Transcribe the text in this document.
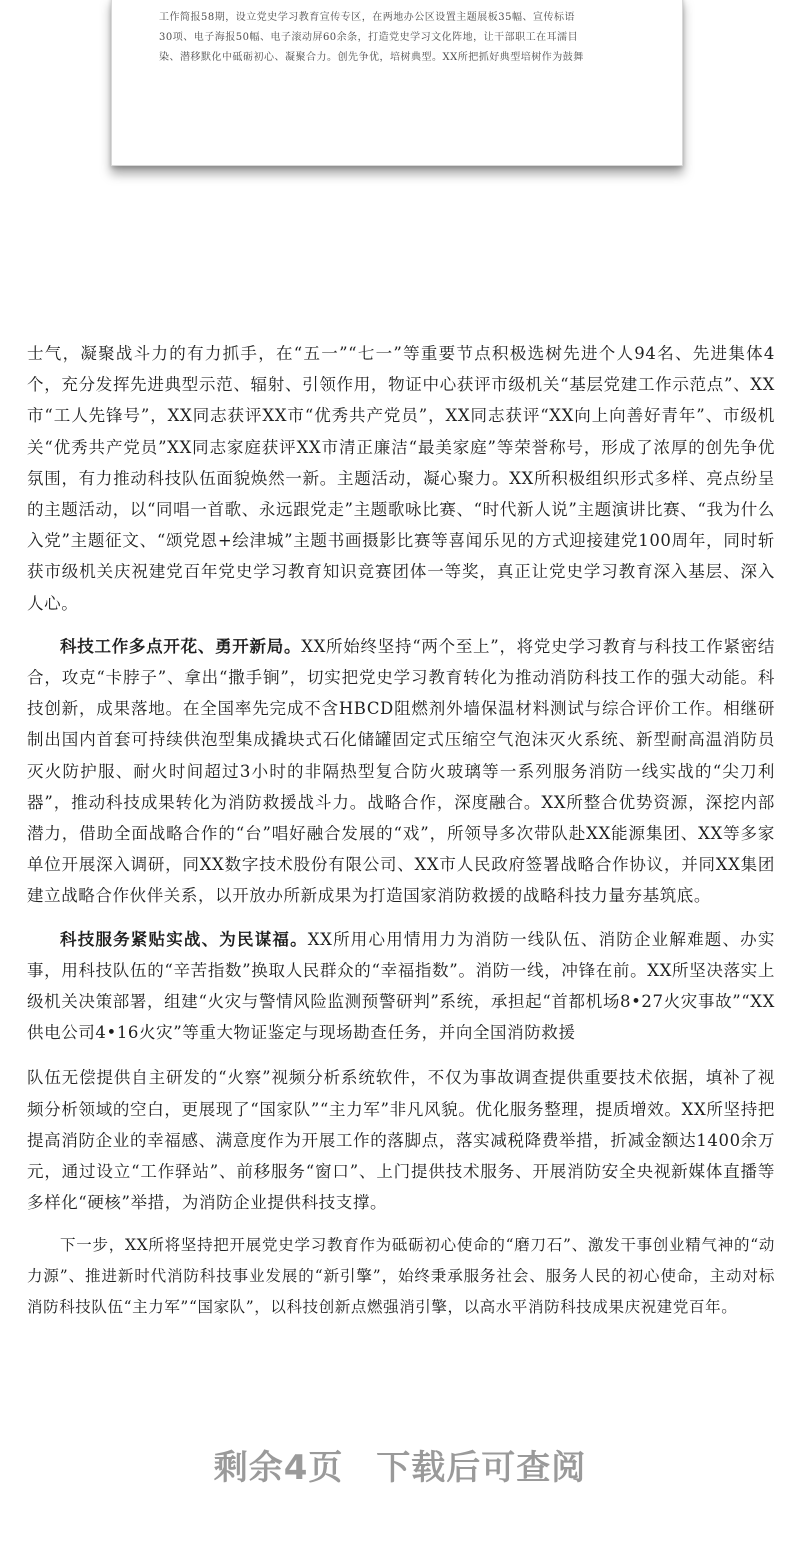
工作简报58期，设立党史学习教育宣传专区，在两地办公区设置主题展板35幅、宣传标语

30项、电子海报50幅、电子滚动屏60余条，打造党史学习文化阵地，让干部职工在耳濡目

染、潜移默化中砥砺初心、凝聚合力。创先争优，培树典型。XX所把抓好典型培树作为鼓舞

士气，凝聚战斗力的有力抓手，在“五一”“七一”等重要节点积极选树先进个人94名、先进集体4个，充分发挥先进典型示范、辐射、引领作用，物证中心获评市级机关“基层党建工作示范点”、XX市“工人先锋号”，XX同志获评XX市“优秀共产党员”，XX同志获评“XX向上向善好青年”、市级机关“优秀共产党员”XX同志家庭获评XX市清正廉洁“最美家庭”等荣誉称号，形成了浓厚的创先争优氛围，有力推动科技队伍面貌焕然一新。主题活动，凝心聚力。XX所积极组织形式多样、亮点纷呈的主题活动，以“同唱一首歌、永远跟党走”主题歌咏比赛、“时代新人说”主题演讲比赛、“我为什么入党”主题征文、“颂党恩+绘津城”主题书画摄影比赛等喜闻乐见的方式迎接建党100周年，同时斩获市级机关庆祝建党百年党史学习教育知识竞赛团体一等奖，真正让党史学习教育深入基层、深入人心。

科技工作多点开花、勇开新局。XX所始终坚持“两个至上”，将党史学习教育与科技工作紧密结合，攻克“卡脖子”、拿出“撒手锏”，切实把党史学习教育转化为推动消防科技工作的强大动能。科技创新，成果落地。在全国率先完成不含HBCD阻燃剂外墙保温材料测试与综合评价工作。相继研制出国内首套可持续供泡型集成撬块式石化储罐固定式压缩空气泡沫灭火系统、新型耐高温消防员灭火防护服、耐火时间超过3小时的非隔热型复合防火玻璃等一系列服务消防一线实战的“尖刀利器”，推动科技成果转化为消防救援战斗力。战略合作，深度融合。XX所整合优势资源，深挖内部潜力，借助全面战略合作的“台”唱好融合发展的“戏”，所领导多次带队赴XX能源集团、XX等多家单位开展深入调研，同XX数字技术股份有限公司、XX市人民政府签署战略合作协议，并同XX集团建立战略合作伙伴关系，以开放办所新成果为打造国家消防救援的战略科技力量夯基筑底。

科技服务紧贴实战、为民谋福。XX所用心用情用力为消防一线队伍、消防企业解难题、办实事，用科技队伍的“辛苦指数”换取人民群众的“幸福指数”。消防一线，冲锋在前。XX所坚决落实上级机关决策部署，组建“火灾与警情风险监测预警研判”系统，承担起“首都机场8•27火灾事故”“XX供电公司4•16火灾”等重大物证鉴定与现场勘查任务，并向全国消防救援

队伍无偿提供自主研发的“火察”视频分析系统软件，不仅为事故调查提供重要技术依据，填补了视频分析领域的空白，更展现了“国家队”“主力军”非凡风貌。优化服务整理，提质增效。XX所坚持把提高消防企业的幸福感、满意度作为开展工作的落脚点，落实减税降费举措，折减金额达1400余万元，通过设立“工作驿站”、前移服务“窗口”、上门提供技术服务、开展消防安全央视新媒体直播等多样化“硬核”举措，为消防企业提供科技支撑。

下一步，XX所将坚持把开展党史学习教育作为砥砺初心使命的“磨刀石”、激发干事创业精气神的“动力源”、推进新时代消防科技事业发展的“新引擎”，始终秉承服务社会、服务人民的初心使命，主动对标消防科技队伍“主力军”“国家队”，以科技创新点燃强消引擎，以高水平消防科技成果庆祝建党百年。

剩余4页 下载后可查阅
